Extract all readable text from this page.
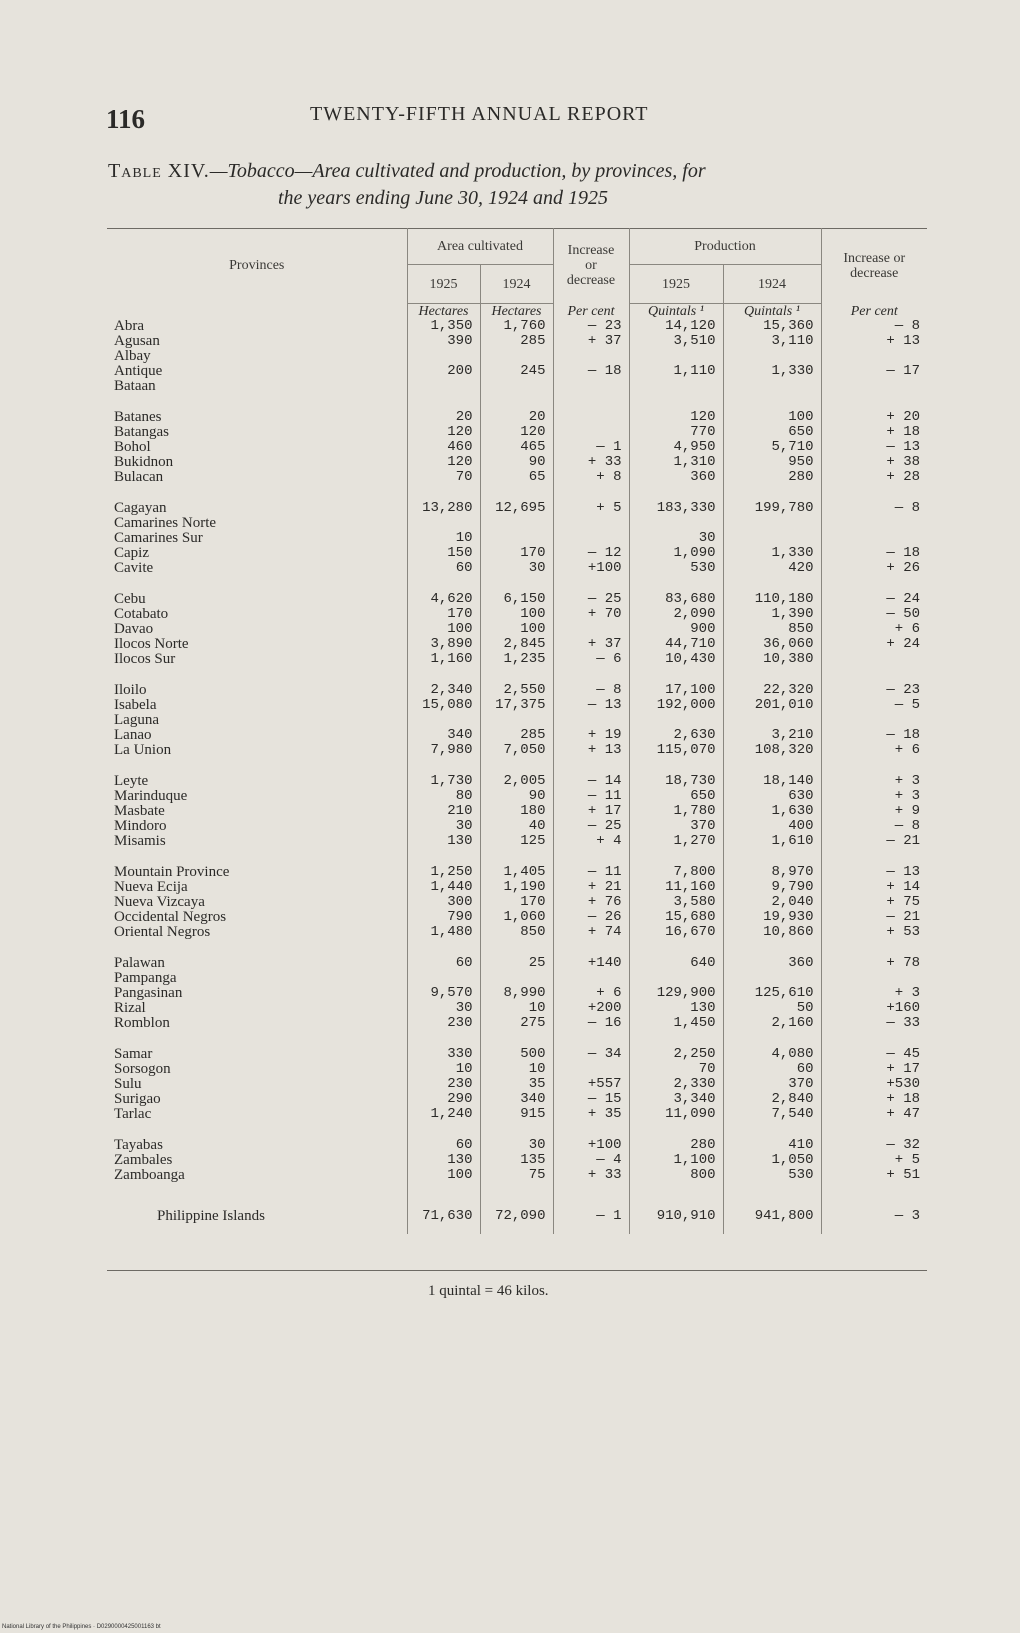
116	TWENTY-FIFTH ANNUAL REPORT
Table XIV.—Tobacco—Area cultivated and production, by provinces, for
the years ending June 30, 1924 and 1925
Provinces	Area cultivated		Increase or decrease	Production		Increase or decrease
	1925	1924		1925	1924	
	Hectares	Hectares	Per cent	Quintals ¹	Quintals ¹	Per cent
Abra	1,350	1,760	— 23	14,120	15,360	— 8
Agusan	390	285	+ 37	3,510	3,110	+ 13
Albay						
Antique	200	245	— 18	1,110	1,330	— 17
Bataan						

Batanes	20	20		120	100	+ 20
Batangas	120	120		770	650	+ 18
Bohol	460	465	— 1	4,950	5,710	— 13
Bukidnon	120	90	+ 33	1,310	950	+ 38
Bulacan	70	65	+ 8	360	280	+ 28

Cagayan	13,280	12,695	+ 5	183,330	199,780	— 8
Camarines Norte						
Camarines Sur	10			30		
Capiz	150	170	— 12	1,090	1,330	— 18
Cavite	60	30	+100	530	420	+ 26

Cebu	4,620	6,150	— 25	83,680	110,180	— 24
Cotabato	170	100	+ 70	2,090	1,390	— 50
Davao	100	100		900	850	+ 6
Ilocos Norte	3,890	2,845	+ 37	44,710	36,060	+ 24
Ilocos Sur	1,160	1,235	— 6	10,430	10,380	

Iloilo	2,340	2,550	— 8	17,100	22,320	— 23
Isabela	15,080	17,375	— 13	192,000	201,010	— 5
Laguna						
Lanao	340	285	+ 19	2,630	3,210	— 18
La Union	7,980	7,050	+ 13	115,070	108,320	+ 6

Leyte	1,730	2,005	— 14	18,730	18,140	+ 3
Marinduque	80	90	— 11	650	630	+ 3
Masbate	210	180	+ 17	1,780	1,630	+ 9
Mindoro	30	40	— 25	370	400	— 8
Misamis	130	125	+ 4	1,270	1,610	— 21

Mountain Province	1,250	1,405	— 11	7,800	8,970	— 13
Nueva Ecija	1,440	1,190	+ 21	11,160	9,790	+ 14
Nueva Vizcaya	300	170	+ 76	3,580	2,040	+ 75
Occidental Negros	790	1,060	— 26	15,680	19,930	— 21
Oriental Negros	1,480	850	+ 74	16,670	10,860	+ 53

Palawan	60	25	+140	640	360	+ 78
Pampanga						
Pangasinan	9,570	8,990	+ 6	129,900	125,610	+ 3
Rizal	30	10	+200	130	50	+160
Romblon	230	275	— 16	1,450	2,160	— 33

Samar	330	500	— 34	2,250	4,080	— 45
Sorsogon	10	10		70	60	+ 17
Sulu	230	35	+557	2,330	370	+530
Surigao	290	340	— 15	3,340	2,840	+ 18
Tarlac	1,240	915	+ 35	11,090	7,540	+ 47

Tayabas	60	30	+100	280	410	— 32
Zambales	130	135	— 4	1,100	1,050	+ 5
Zamboanga	100	75	+ 33	800	530	+ 51

Philippine Islands	71,630	72,090	— 1	910,910	941,800	— 3
1 quintal = 46 kilos.
National Library of the Philippines · D0290000425001163 bt
